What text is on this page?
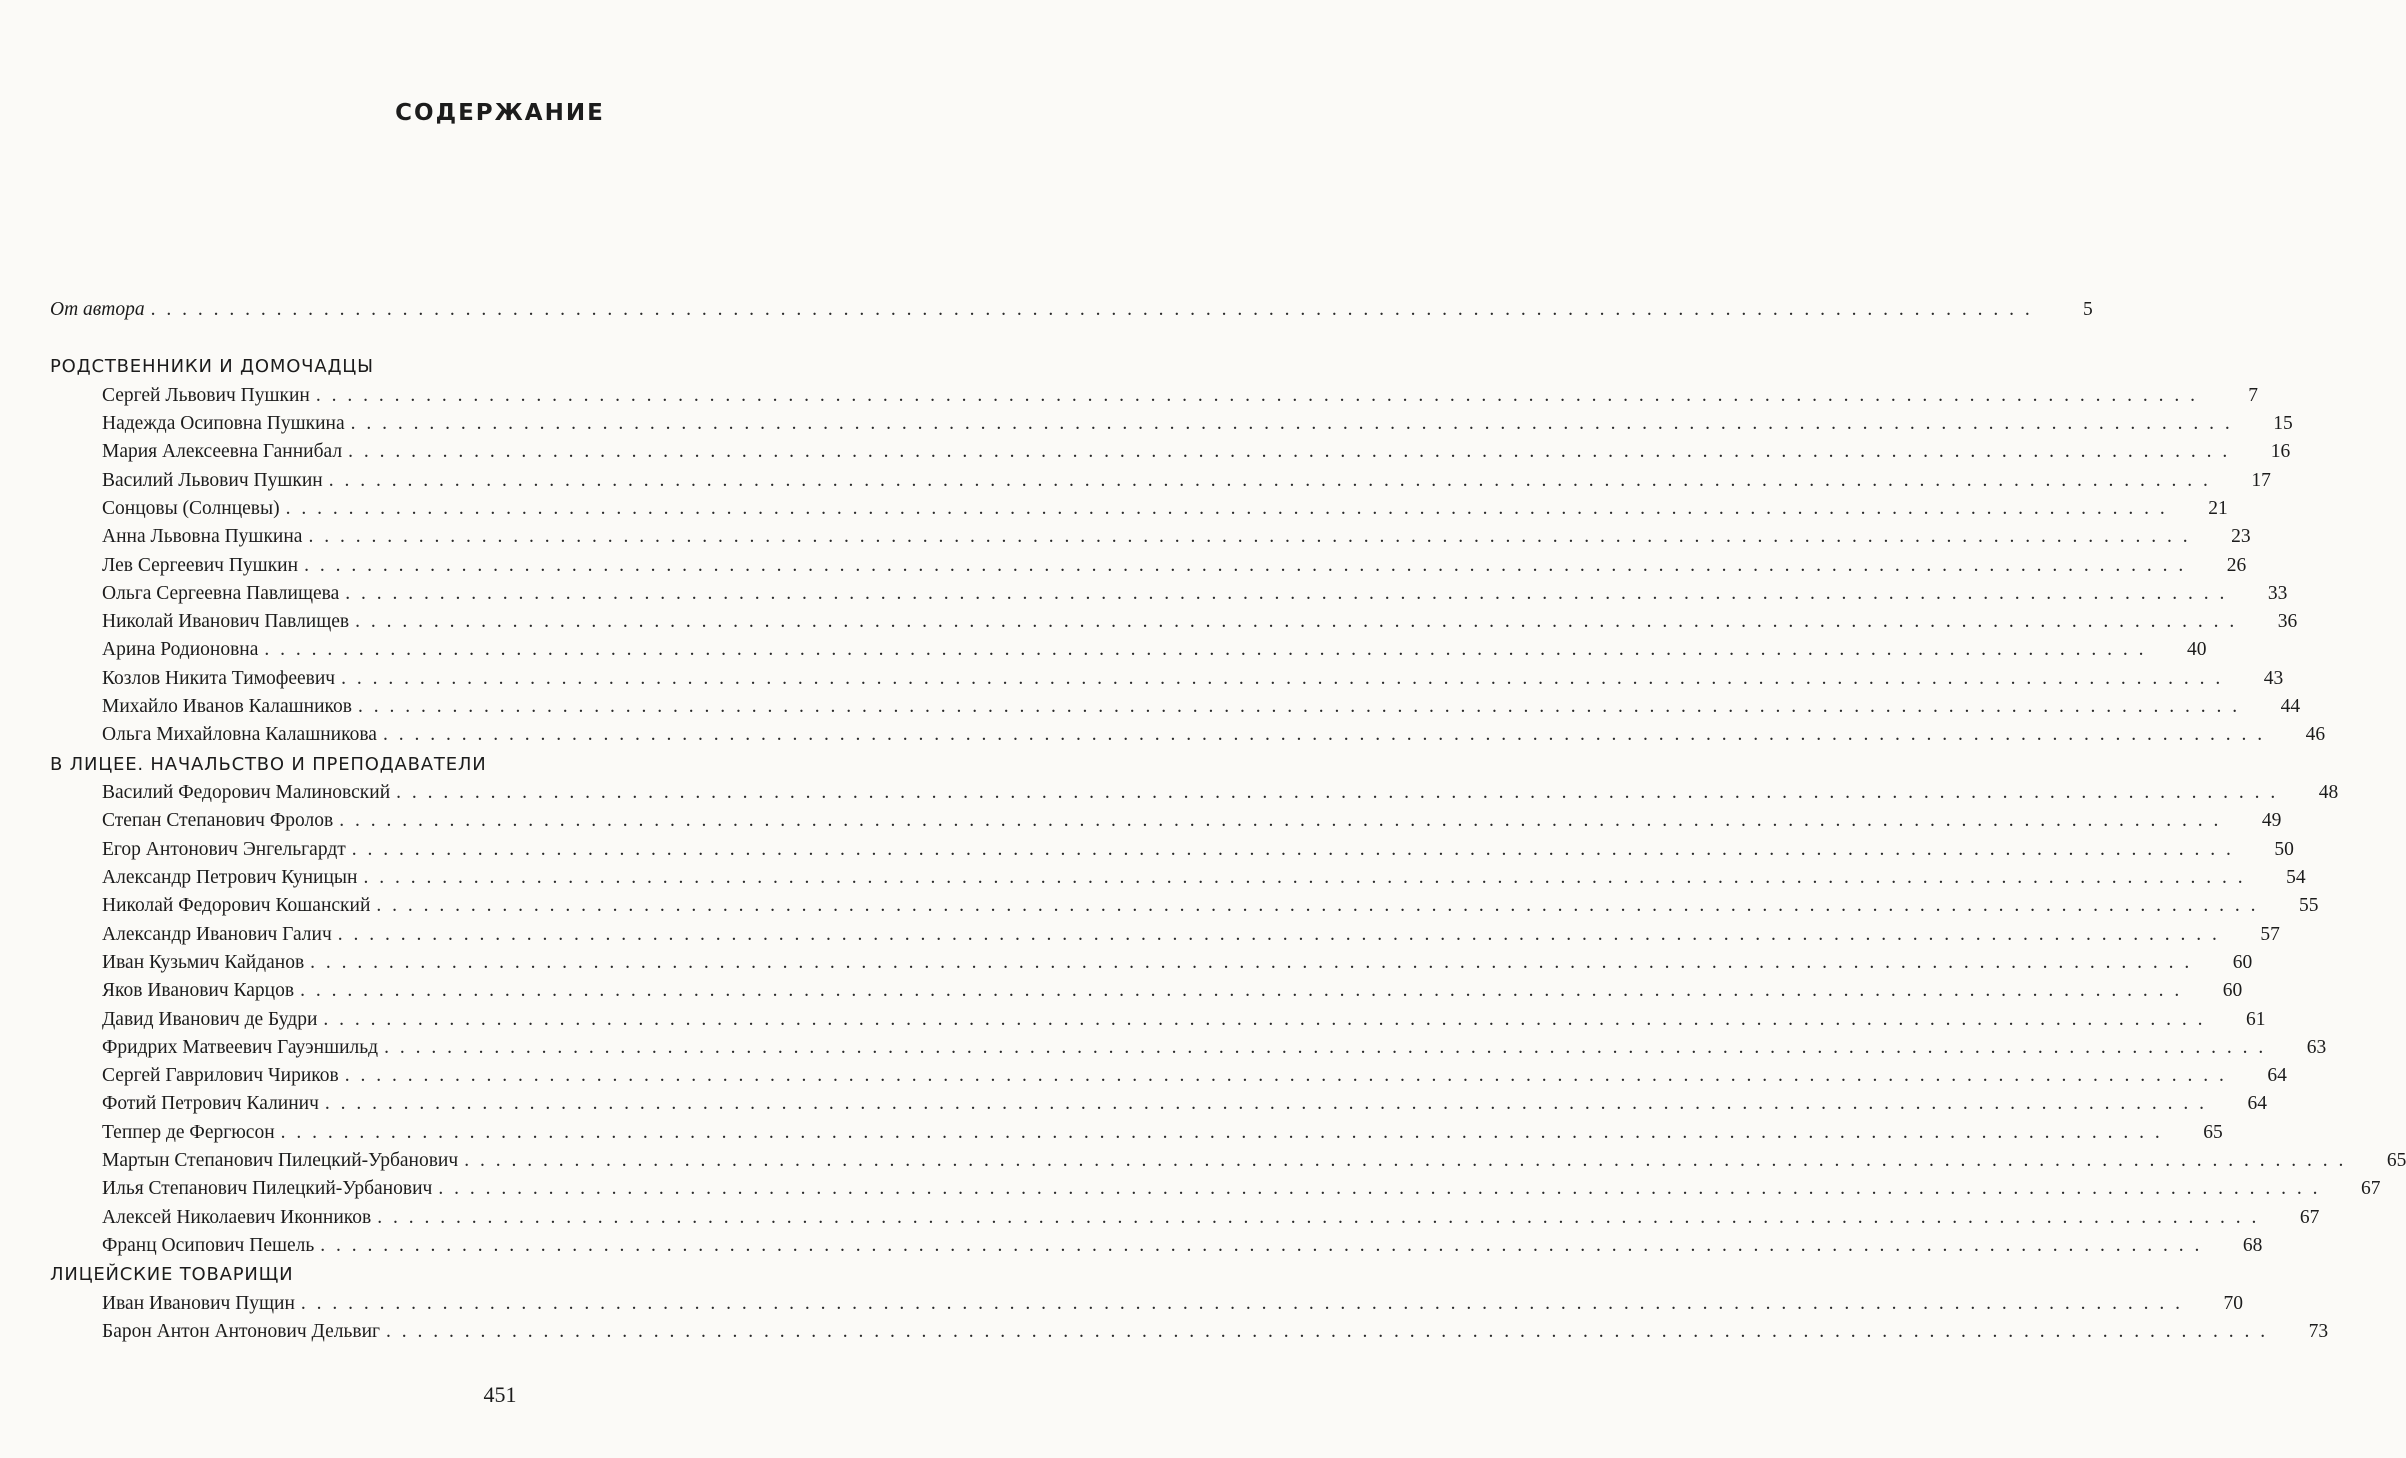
СОДЕРЖАНИЕ
От автора . . . . . . . . . . . . . . . . . . . . . . . . . . . . . . . . . . . . . . . . . . . . . . . . . . . . . . . . . . . . . . . . . . . . . . . . . . . . . . . . . . . . . . . . . . . . . . . . . . . . . . . . . . . . . . . . . . . . . . . .	5
РОДСТВЕННИКИ И ДОМОЧАДЦЫ
Сергей Львович Пушкин . . . . . . . . . . . . . . . . . . . . . . . . . . . . . . . . . . . . . . . . . . . . . . . . . . . . . . . . . . . . . . . . . . . . . . . . . . . . . . . . . . . . . . . . . . . . . . . . . . . . . . . . . . . . . . . . . . . . . . . .	7
Надежда Осиповна Пушкина . . . . . . . . . . . . . . . . . . . . . . . . . . . . . . . . . . . . . . . . . . . . . . . . . . . . . . . . . . . . . . . . . . . . . . . . . . . . . . . . . . . . . . . . . . . . . . . . . . . . . . . . . . . . . . . . . . . . . . . .	15
Мария Алексеевна Ганнибал . . . . . . . . . . . . . . . . . . . . . . . . . . . . . . . . . . . . . . . . . . . . . . . . . . . . . . . . . . . . . . . . . . . . . . . . . . . . . . . . . . . . . . . . . . . . . . . . . . . . . . . . . . . . . . . . . . . . . . . .	16
Василий Львович Пушкин . . . . . . . . . . . . . . . . . . . . . . . . . . . . . . . . . . . . . . . . . . . . . . . . . . . . . . . . . . . . . . . . . . . . . . . . . . . . . . . . . . . . . . . . . . . . . . . . . . . . . . . . . . . . . . . . . . . . . . . .	17
Сонцовы (Солнцевы) . . . . . . . . . . . . . . . . . . . . . . . . . . . . . . . . . . . . . . . . . . . . . . . . . . . . . . . . . . . . . . . . . . . . . . . . . . . . . . . . . . . . . . . . . . . . . . . . . . . . . . . . . . . . . . . . . . . . . . . .	21
Анна Львовна Пушкина . . . . . . . . . . . . . . . . . . . . . . . . . . . . . . . . . . . . . . . . . . . . . . . . . . . . . . . . . . . . . . . . . . . . . . . . . . . . . . . . . . . . . . . . . . . . . . . . . . . . . . . . . . . . . . . . . . . . . . . .	23
Лев Сергеевич Пушкин . . . . . . . . . . . . . . . . . . . . . . . . . . . . . . . . . . . . . . . . . . . . . . . . . . . . . . . . . . . . . . . . . . . . . . . . . . . . . . . . . . . . . . . . . . . . . . . . . . . . . . . . . . . . . . . . . . . . . . . .	26
Ольга Сергеевна Павлищева . . . . . . . . . . . . . . . . . . . . . . . . . . . . . . . . . . . . . . . . . . . . . . . . . . . . . . . . . . . . . . . . . . . . . . . . . . . . . . . . . . . . . . . . . . . . . . . . . . . . . . . . . . . . . . . . . . . . . . . .	33
Николай Иванович Павлищев . . . . . . . . . . . . . . . . . . . . . . . . . . . . . . . . . . . . . . . . . . . . . . . . . . . . . . . . . . . . . . . . . . . . . . . . . . . . . . . . . . . . . . . . . . . . . . . . . . . . . . . . . . . . . . . . . . . . . . . .	36
Арина Родионовна . . . . . . . . . . . . . . . . . . . . . . . . . . . . . . . . . . . . . . . . . . . . . . . . . . . . . . . . . . . . . . . . . . . . . . . . . . . . . . . . . . . . . . . . . . . . . . . . . . . . . . . . . . . . . . . . . . . . . . . .	40
Козлов Никита Тимофеевич . . . . . . . . . . . . . . . . . . . . . . . . . . . . . . . . . . . . . . . . . . . . . . . . . . . . . . . . . . . . . . . . . . . . . . . . . . . . . . . . . . . . . . . . . . . . . . . . . . . . . . . . . . . . . . . . . . . . . . . .	43
Михайло Иванов Калашников . . . . . . . . . . . . . . . . . . . . . . . . . . . . . . . . . . . . . . . . . . . . . . . . . . . . . . . . . . . . . . . . . . . . . . . . . . . . . . . . . . . . . . . . . . . . . . . . . . . . . . . . . . . . . . . . . . . . . . . .	44
Ольга Михайловна Калашникова . . . . . . . . . . . . . . . . . . . . . . . . . . . . . . . . . . . . . . . . . . . . . . . . . . . . . . . . . . . . . . . . . . . . . . . . . . . . . . . . . . . . . . . . . . . . . . . . . . . . . . . . . . . . . . . . . . . . . . . .	46
В ЛИЦЕЕ. НАЧАЛЬСТВО И ПРЕПОДАВАТЕЛИ
Василий Федорович Малиновский . . . . . . . . . . . . . . . . . . . . . . . . . . . . . . . . . . . . . . . . . . . . . . . . . . . . . . . . . . . . . . . . . . . . . . . . . . . . . . . . . . . . . . . . . . . . . . . . . . . . . . . . . . . . . . . . . . . . . . . .	48
Степан Степанович Фролов . . . . . . . . . . . . . . . . . . . . . . . . . . . . . . . . . . . . . . . . . . . . . . . . . . . . . . . . . . . . . . . . . . . . . . . . . . . . . . . . . . . . . . . . . . . . . . . . . . . . . . . . . . . . . . . . . . . . . . . .	49
Егор Антонович Энгельгардт . . . . . . . . . . . . . . . . . . . . . . . . . . . . . . . . . . . . . . . . . . . . . . . . . . . . . . . . . . . . . . . . . . . . . . . . . . . . . . . . . . . . . . . . . . . . . . . . . . . . . . . . . . . . . . . . . . . . . . . .	50
Александр Петрович Куницын . . . . . . . . . . . . . . . . . . . . . . . . . . . . . . . . . . . . . . . . . . . . . . . . . . . . . . . . . . . . . . . . . . . . . . . . . . . . . . . . . . . . . . . . . . . . . . . . . . . . . . . . . . . . . . . . . . . . . . . .	54
Николай Федорович Кошанский . . . . . . . . . . . . . . . . . . . . . . . . . . . . . . . . . . . . . . . . . . . . . . . . . . . . . . . . . . . . . . . . . . . . . . . . . . . . . . . . . . . . . . . . . . . . . . . . . . . . . . . . . . . . . . . . . . . . . . . .	55
Александр Иванович Галич . . . . . . . . . . . . . . . . . . . . . . . . . . . . . . . . . . . . . . . . . . . . . . . . . . . . . . . . . . . . . . . . . . . . . . . . . . . . . . . . . . . . . . . . . . . . . . . . . . . . . . . . . . . . . . . . . . . . . . . .	57
Иван Кузьмич Кайданов . . . . . . . . . . . . . . . . . . . . . . . . . . . . . . . . . . . . . . . . . . . . . . . . . . . . . . . . . . . . . . . . . . . . . . . . . . . . . . . . . . . . . . . . . . . . . . . . . . . . . . . . . . . . . . . . . . . . . . . .	60
Яков Иванович Карцов . . . . . . . . . . . . . . . . . . . . . . . . . . . . . . . . . . . . . . . . . . . . . . . . . . . . . . . . . . . . . . . . . . . . . . . . . . . . . . . . . . . . . . . . . . . . . . . . . . . . . . . . . . . . . . . . . . . . . . . .	60
Давид Иванович де Будри . . . . . . . . . . . . . . . . . . . . . . . . . . . . . . . . . . . . . . . . . . . . . . . . . . . . . . . . . . . . . . . . . . . . . . . . . . . . . . . . . . . . . . . . . . . . . . . . . . . . . . . . . . . . . . . . . . . . . . . .	61
Фридрих Матвеевич Гауэншильд . . . . . . . . . . . . . . . . . . . . . . . . . . . . . . . . . . . . . . . . . . . . . . . . . . . . . . . . . . . . . . . . . . . . . . . . . . . . . . . . . . . . . . . . . . . . . . . . . . . . . . . . . . . . . . . . . . . . . . . .	63
Сергей Гаврилович Чириков . . . . . . . . . . . . . . . . . . . . . . . . . . . . . . . . . . . . . . . . . . . . . . . . . . . . . . . . . . . . . . . . . . . . . . . . . . . . . . . . . . . . . . . . . . . . . . . . . . . . . . . . . . . . . . . . . . . . . . . .	64
Фотий Петрович Калинич . . . . . . . . . . . . . . . . . . . . . . . . . . . . . . . . . . . . . . . . . . . . . . . . . . . . . . . . . . . . . . . . . . . . . . . . . . . . . . . . . . . . . . . . . . . . . . . . . . . . . . . . . . . . . . . . . . . . . . . .	64
Теппер де Фергюсон . . . . . . . . . . . . . . . . . . . . . . . . . . . . . . . . . . . . . . . . . . . . . . . . . . . . . . . . . . . . . . . . . . . . . . . . . . . . . . . . . . . . . . . . . . . . . . . . . . . . . . . . . . . . . . . . . . . . . . . .	65
Мартын Степанович Пилецкий-Урбанович . . . . . . . . . . . . . . . . . . . . . . . . . . . . . . . . . . . . . . . . . . . . . . . . . . . . . . . . . . . . . . . . . . . . . . . . . . . . . . . . . . . . . . . . . . . . . . . . . . . . . . . . . . . . . . . . . . . . . . . .	65
Илья Степанович Пилецкий-Урбанович . . . . . . . . . . . . . . . . . . . . . . . . . . . . . . . . . . . . . . . . . . . . . . . . . . . . . . . . . . . . . . . . . . . . . . . . . . . . . . . . . . . . . . . . . . . . . . . . . . . . . . . . . . . . . . . . . . . . . . . .	67
Алексей Николаевич Иконников . . . . . . . . . . . . . . . . . . . . . . . . . . . . . . . . . . . . . . . . . . . . . . . . . . . . . . . . . . . . . . . . . . . . . . . . . . . . . . . . . . . . . . . . . . . . . . . . . . . . . . . . . . . . . . . . . . . . . . . .	67
Франц Осипович Пешель . . . . . . . . . . . . . . . . . . . . . . . . . . . . . . . . . . . . . . . . . . . . . . . . . . . . . . . . . . . . . . . . . . . . . . . . . . . . . . . . . . . . . . . . . . . . . . . . . . . . . . . . . . . . . . . . . . . . . . . .	68
ЛИЦЕЙСКИЕ ТОВАРИЩИ
Иван Иванович Пущин . . . . . . . . . . . . . . . . . . . . . . . . . . . . . . . . . . . . . . . . . . . . . . . . . . . . . . . . . . . . . . . . . . . . . . . . . . . . . . . . . . . . . . . . . . . . . . . . . . . . . . . . . . . . . . . . . . . . . . . .	70
Барон Антон Антонович Дельвиг . . . . . . . . . . . . . . . . . . . . . . . . . . . . . . . . . . . . . . . . . . . . . . . . . . . . . . . . . . . . . . . . . . . . . . . . . . . . . . . . . . . . . . . . . . . . . . . . . . . . . . . . . . . . . . . . . . . . . . . .	73
451
